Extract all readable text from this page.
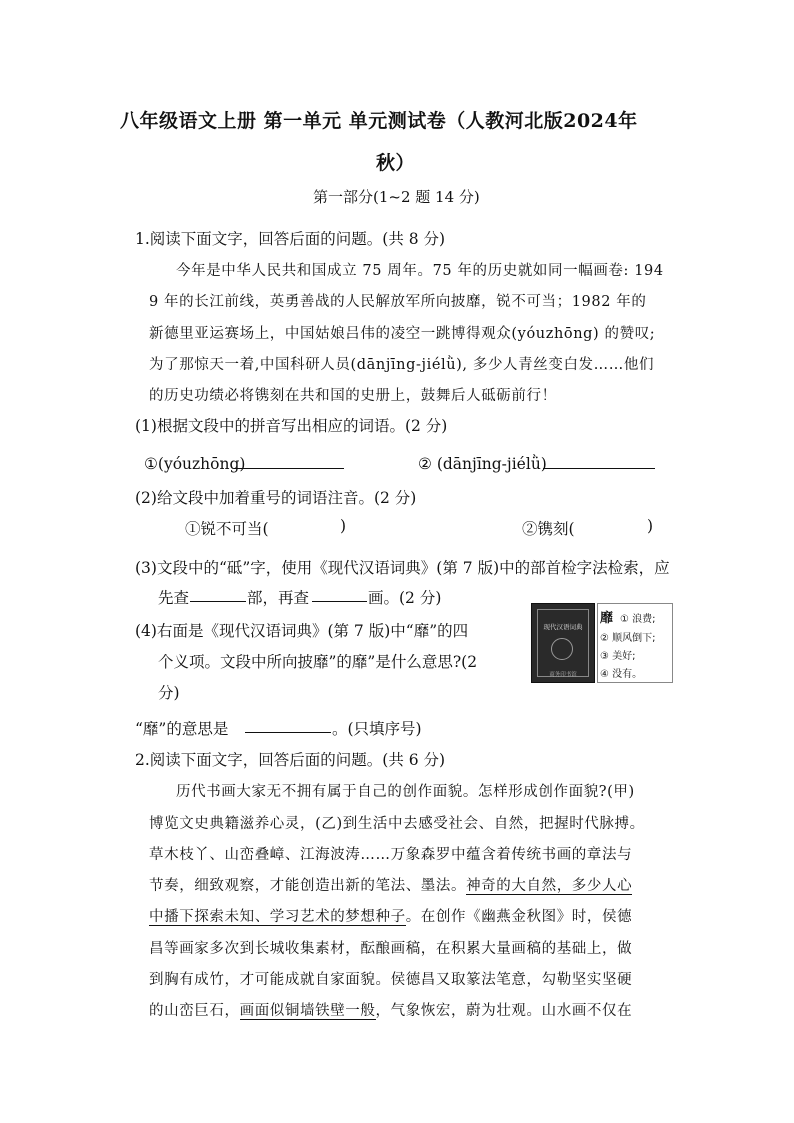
八年级语文上册 第一单元 单元测试卷（人教河北版2024年
秋）
第一部分(1~2 题 14 分)
1.阅读下面文字，回答后面的问题。(共 8 分)
今年是中华人民共和国成立 75 周年。75 年的历史就如同一幅画卷: 194
9 年的长江前线，英勇善战的人民解放军所向披靡，锐不可当；1982 年的
新德里亚运赛场上，中国姑娘吕伟的凌空一跳博得观众(yóuzhōng) 的赞叹;
为了那惊天一着,中国科研人员(dānjīng-jiélǜ), 多少人青丝变白发……他们
的历史功绩必将镌刻在共和国的史册上，鼓舞后人砥砺前行！
(1)根据文段中的拼音写出相应的词语。(2 分)
①(yóuzhōng)	② (dānjīng-jiélǜ)
(2)给文段中加着重号的词语注音。(2 分)
①锐不可当(	)	②镌刻(	)
(3)文段中的“砥”字，使用《现代汉语词典》(第 7 版)中的部首检字法检索，应
先查	部，再查	画。(2 分)
(4)右面是《现代汉语词典》(第 7 版)中“靡”的四
个义项。文段中所向披靡”的靡”是什么意思?(2
分)
现代汉语词典
商务印书馆
靡 ① 浪费;
② 顺风倒下;
③ 美好;
④ 没有。
“靡”的意思是	。(只填序号)
2.阅读下面文字，回答后面的问题。(共 6 分)
历代书画大家无不拥有属于自己的创作面貌。怎样形成创作面貌?(甲)
博览文史典籍滋养心灵，(乙)到生活中去感受社会、自然，把握时代脉搏。
草木枝丫、山峦叠嶂、江海波涛……万象森罗中蕴含着传统书画的章法与
节奏，细致观察，才能创造出新的笔法、墨法。神奇的大自然，多少人心
中播下探索未知、学习艺术的梦想种子。在创作《幽燕金秋图》时，侯德
昌等画家多次到长城收集素材，酝酿画稿，在积累大量画稿的基础上，做
到胸有成竹，才可能成就自家面貌。侯德昌又取篆法笔意，勾勒坚实坚硬
的山峦巨石，画面似铜墙铁壁一般，气象恢宏，蔚为壮观。山水画不仅在
